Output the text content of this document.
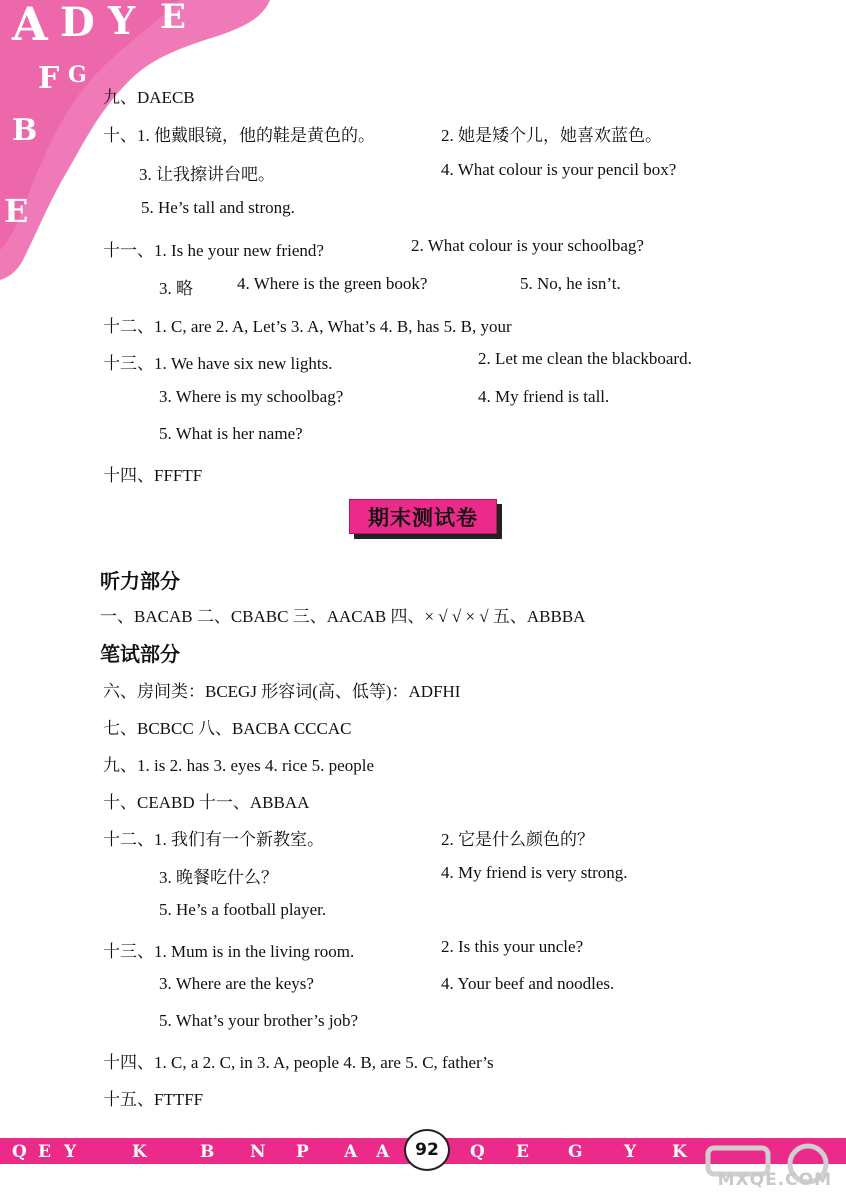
A D Y E
F G
B
E
九、DAECB
十、1. 他戴眼镜，他的鞋是黄色的。	2. 她是矮个儿，她喜欢蓝色。
3. 让我擦讲台吧。	4. What colour is your pencil box?
5. He’s tall and strong.
十一、1. Is he your new friend?	2. What colour is your schoolbag?
3. 略	4. Where is the green book?	5. No, he isn’t.
十二、1. C, are 2. A, Let’s 3. A, What’s 4. B, has 5. B, your
十三、1. We have six new lights.	2. Let me clean the blackboard.
3. Where is my schoolbag?	4. My friend is tall.
5. What is her name?
十四、FFFTF
期末测试卷
听力部分
一、BACAB 二、CBABC 三、AACAB 四、× √ √ × √ 五、ABBBA
笔试部分
六、房间类：BCEGJ 形容词(高、低等)：ADFHI
七、BCBCC 八、BACBA CCCAC
九、1. is 2. has 3. eyes 4. rice 5. people
十、CEABD 十一、ABBAA
十二、1. 我们有一个新教室。	2. 它是什么颜色的？
3. 晚餐吃什么？	4. My friend is very strong.
5. He’s a football player.
十三、1. Mum is in the living room.	2. Is this your uncle?
3. Where are the keys?	4. Your beef and noodles.
5. What’s your brother’s job?
十四、1. C, a 2. C, in 3. A, people 4. B, are 5. C, father’s
十五、FTTFF
Q E Y	K	B N P A A	Q E G Y K
92
MXQE.COM
